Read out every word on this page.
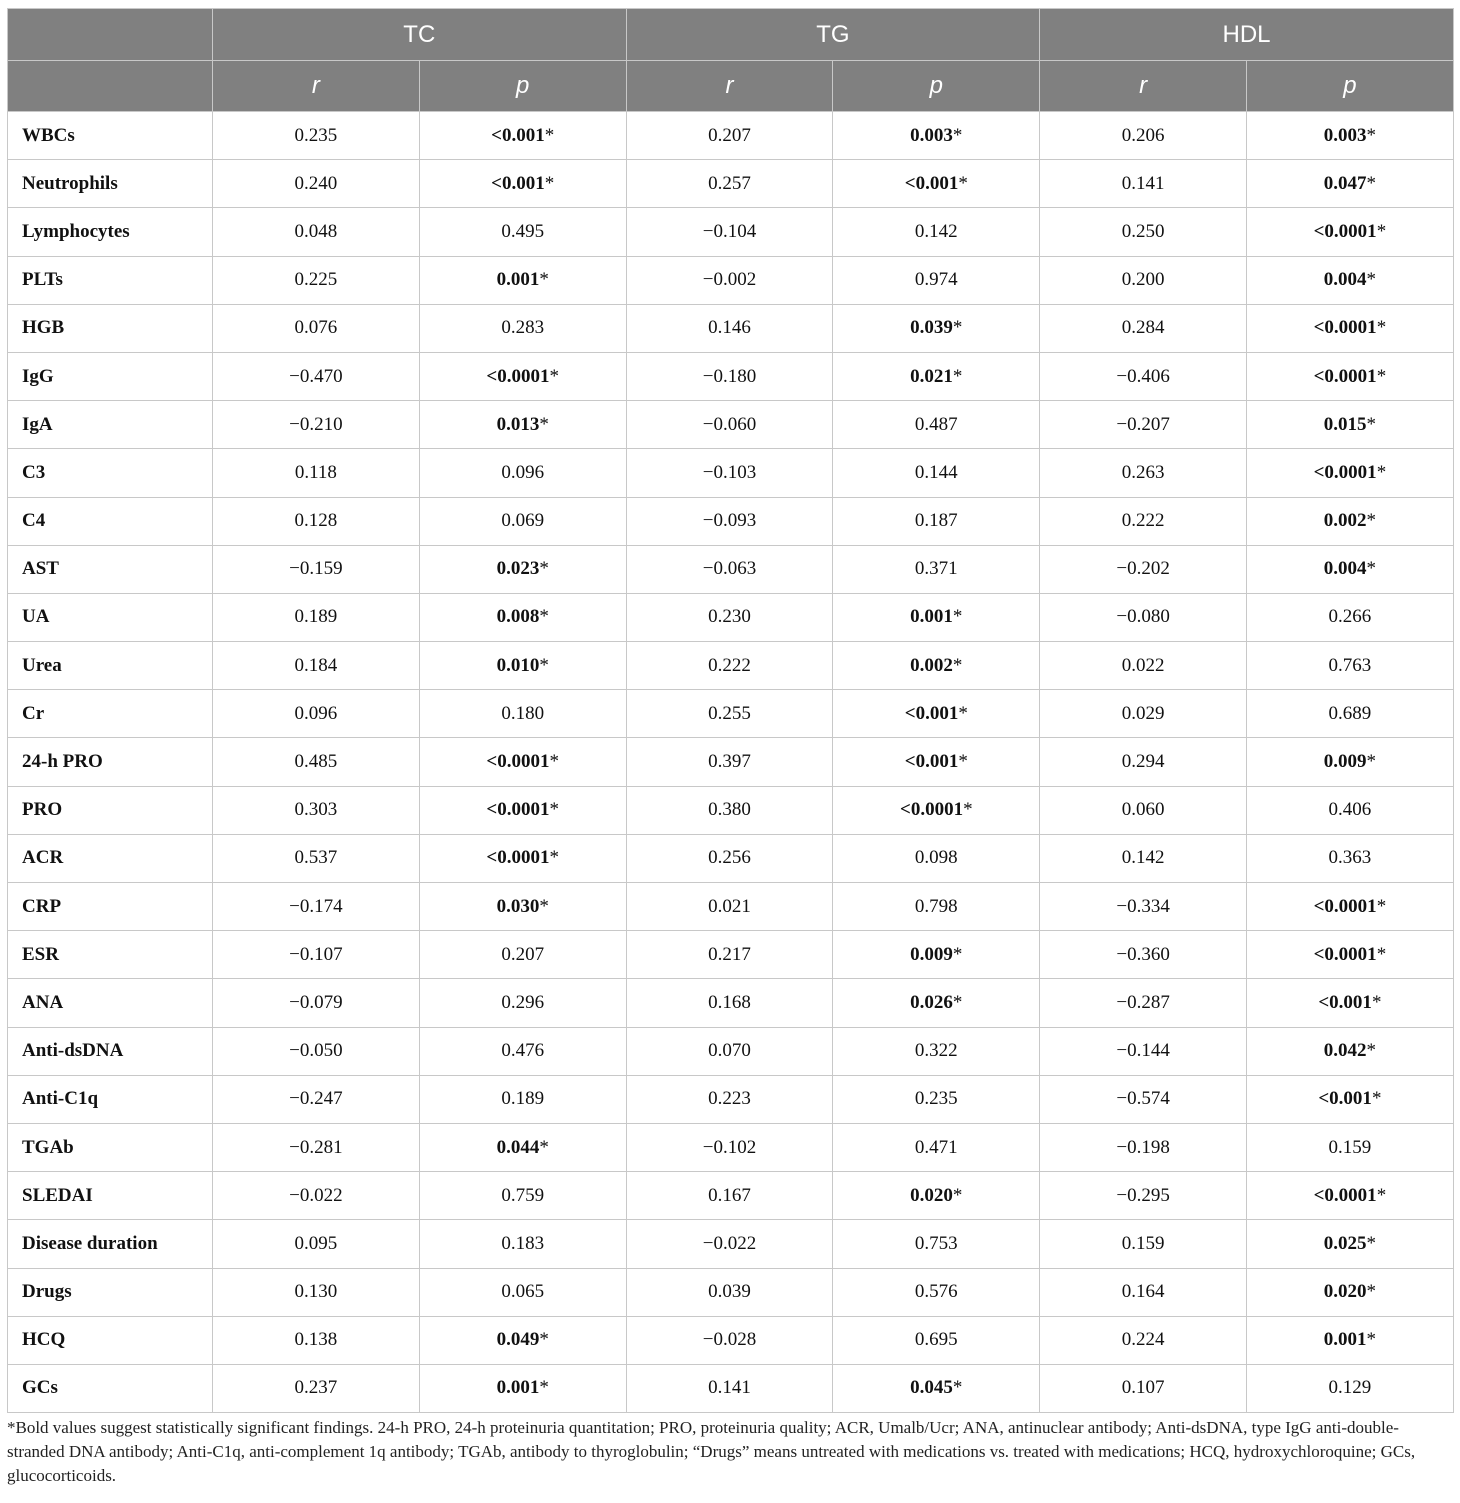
	TC		TG		HDL	
	r	p	r	p	r	p
WBCs	0.235	<0.001*	0.207	0.003*	0.206	0.003*
Neutrophils	0.240	<0.001*	0.257	<0.001*	0.141	0.047*
Lymphocytes	0.048	0.495	−0.104	0.142	0.250	<0.0001*
PLTs	0.225	0.001*	−0.002	0.974	0.200	0.004*
HGB	0.076	0.283	0.146	0.039*	0.284	<0.0001*
IgG	−0.470	<0.0001*	−0.180	0.021*	−0.406	<0.0001*
IgA	−0.210	0.013*	−0.060	0.487	−0.207	0.015*
C3	0.118	0.096	−0.103	0.144	0.263	<0.0001*
C4	0.128	0.069	−0.093	0.187	0.222	0.002*
AST	−0.159	0.023*	−0.063	0.371	−0.202	0.004*
UA	0.189	0.008*	0.230	0.001*	−0.080	0.266
Urea	0.184	0.010*	0.222	0.002*	0.022	0.763
Cr	0.096	0.180	0.255	<0.001*	0.029	0.689
24-h PRO	0.485	<0.0001*	0.397	<0.001*	0.294	0.009*
PRO	0.303	<0.0001*	0.380	<0.0001*	0.060	0.406
ACR	0.537	<0.0001*	0.256	0.098	0.142	0.363
CRP	−0.174	0.030*	0.021	0.798	−0.334	<0.0001*
ESR	−0.107	0.207	0.217	0.009*	−0.360	<0.0001*
ANA	−0.079	0.296	0.168	0.026*	−0.287	<0.001*
Anti-dsDNA	−0.050	0.476	0.070	0.322	−0.144	0.042*
Anti-C1q	−0.247	0.189	0.223	0.235	−0.574	<0.001*
TGAb	−0.281	0.044*	−0.102	0.471	−0.198	0.159
SLEDAI	−0.022	0.759	0.167	0.020*	−0.295	<0.0001*
Disease duration	0.095	0.183	−0.022	0.753	0.159	0.025*
Drugs	0.130	0.065	0.039	0.576	0.164	0.020*
HCQ	0.138	0.049*	−0.028	0.695	0.224	0.001*
GCs	0.237	0.001*	0.141	0.045*	0.107	0.129
*Bold values suggest statistically significant findings. 24-h PRO, 24-h proteinuria quantitation; PRO, proteinuria quality; ACR, Umalb/Ucr; ANA, antinuclear antibody; Anti-dsDNA, type IgG anti-double-stranded DNA antibody; Anti-C1q, anti-complement 1q antibody; TGAb, antibody to thyroglobulin; “Drugs” means untreated with medications vs. treated with medications; HCQ, hydroxychloroquine; GCs, glucocorticoids.
